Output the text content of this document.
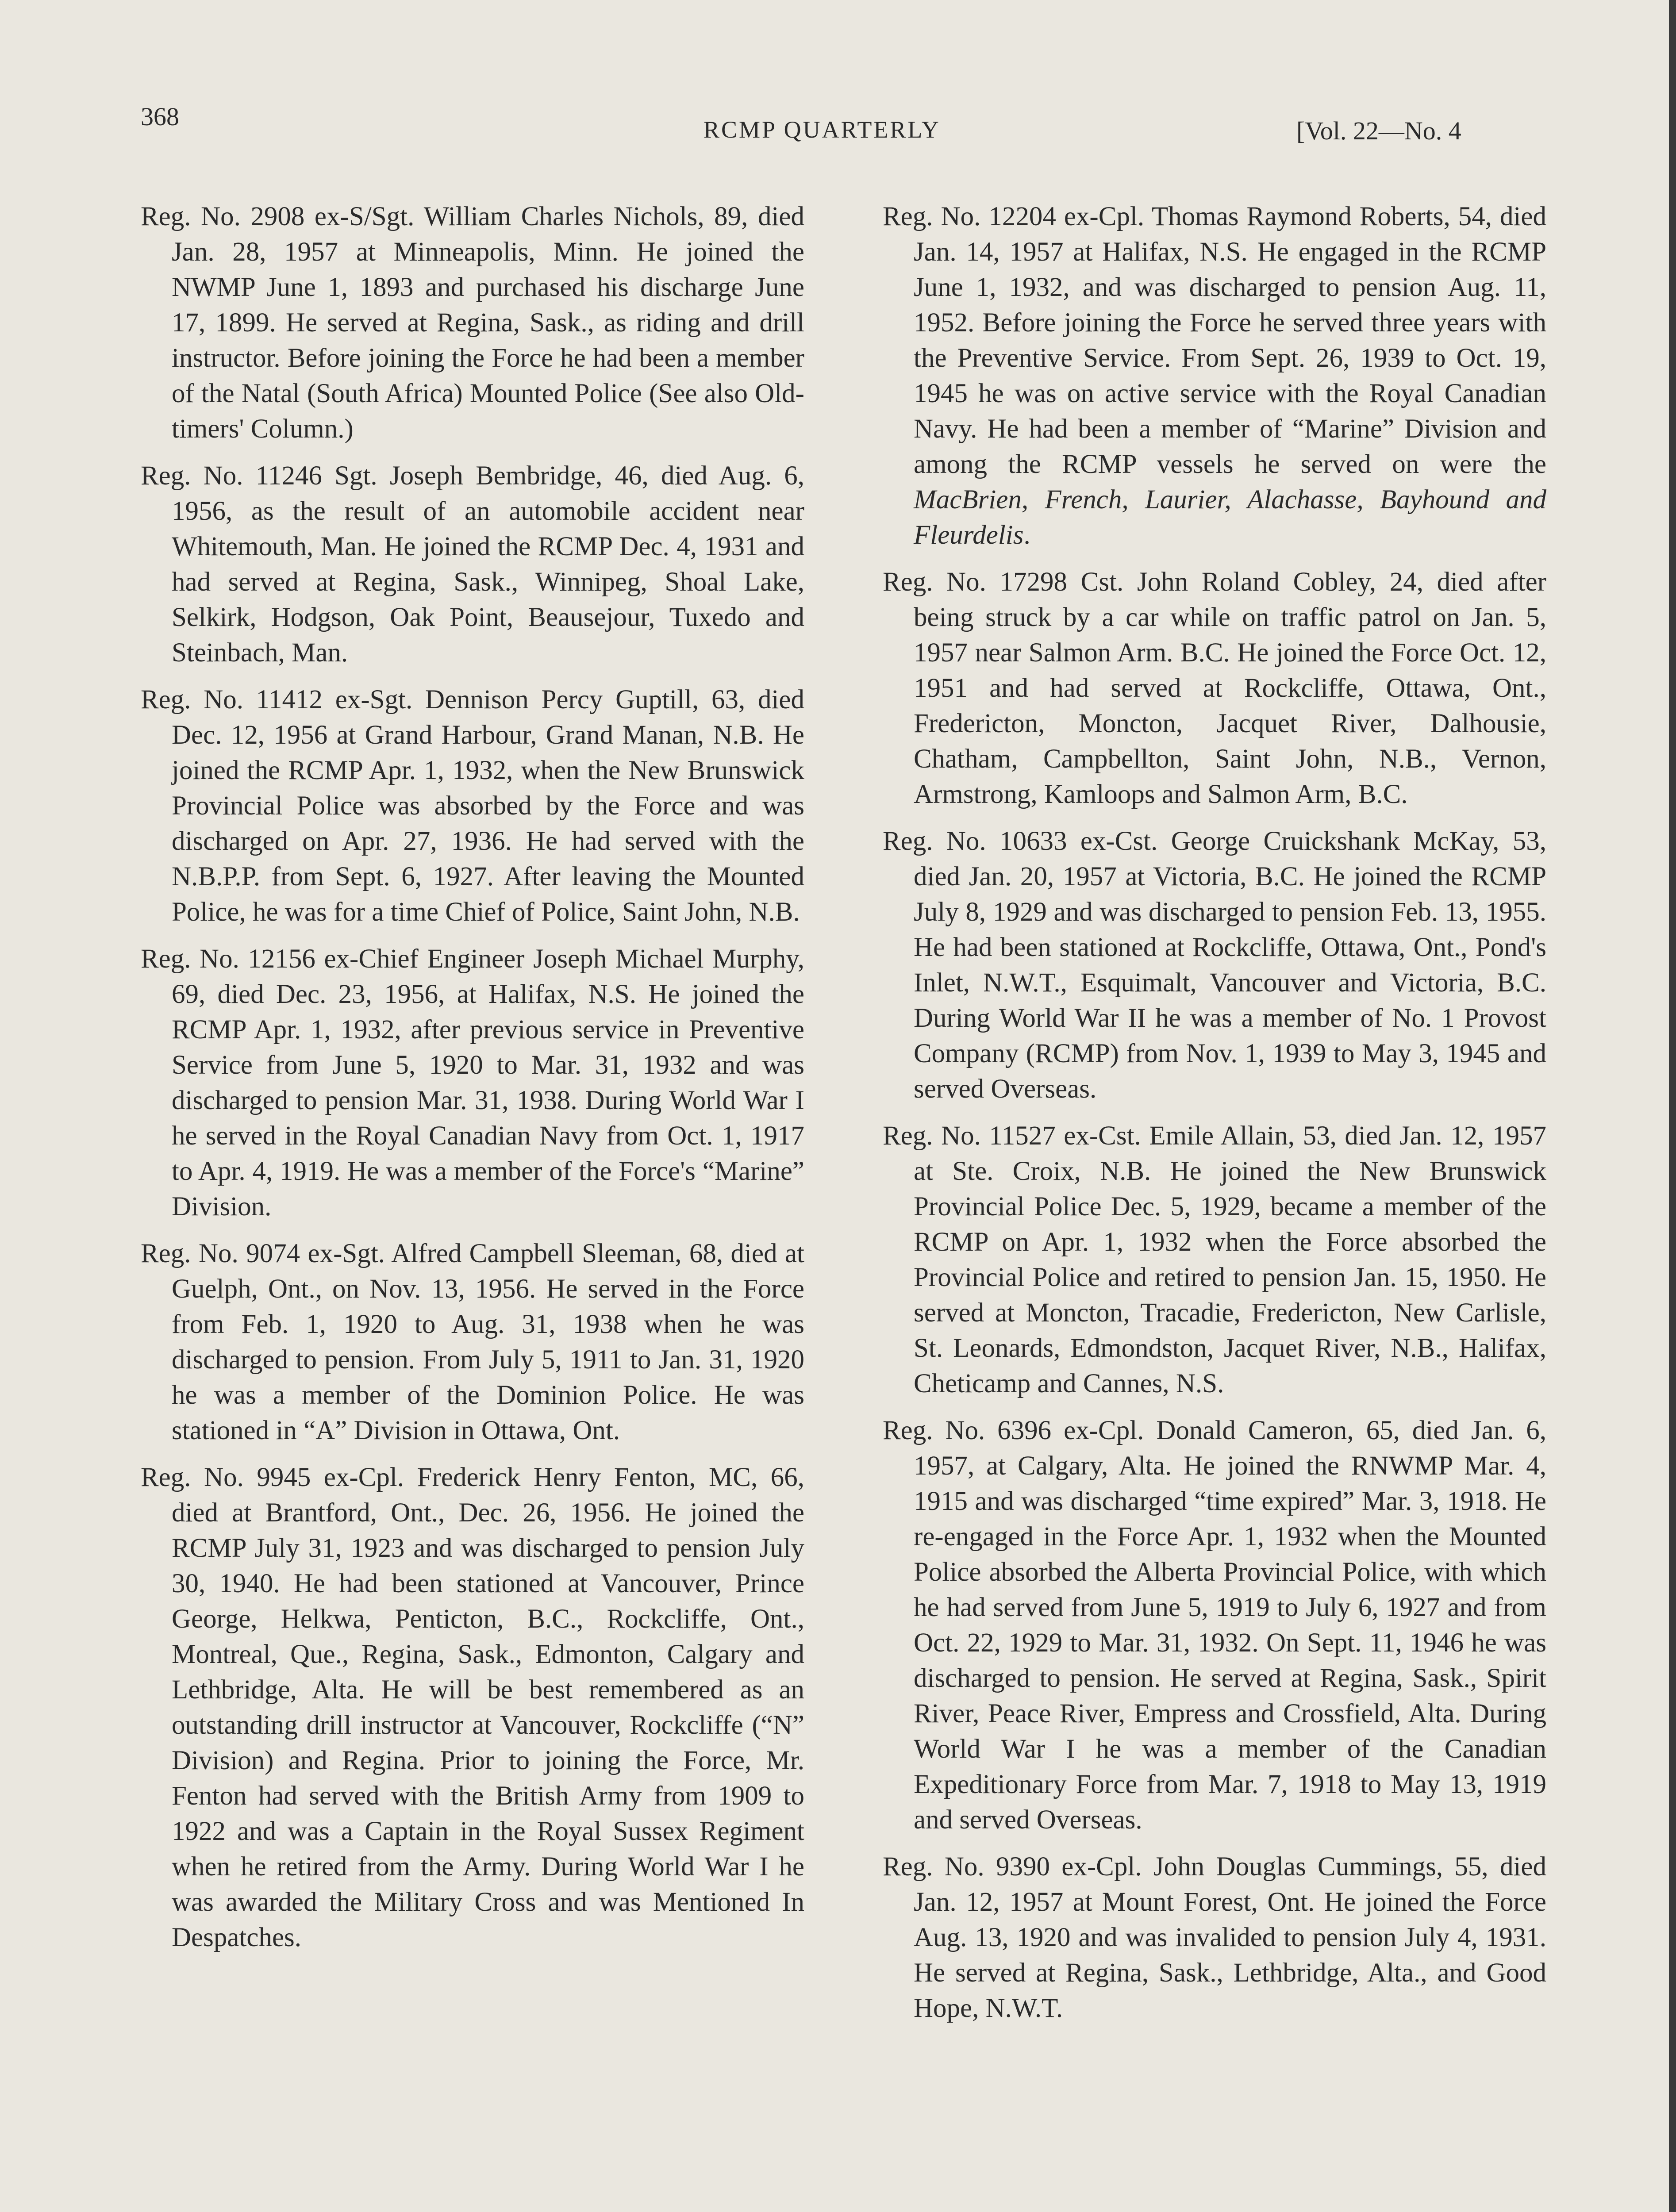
368	RCMP QUARTERLY	[Vol. 22—No. 4

Reg. No. 2908 ex-S/Sgt. William Charles Nichols, 89, died Jan. 28, 1957 at Minneapolis, Minn. He joined the NWMP June 1, 1893 and purchased his discharge June 17, 1899. He served at Regina, Sask., as riding and drill instructor. Before joining the Force he had been a member of the Natal (South Africa) Mounted Police (See also Old-timers' Column.)

Reg. No. 11246 Sgt. Joseph Bembridge, 46, died Aug. 6, 1956, as the result of an automobile accident near Whitemouth, Man. He joined the RCMP Dec. 4, 1931 and had served at Regina, Sask., Winnipeg, Shoal Lake, Selkirk, Hodgson, Oak Point, Beausejour, Tuxedo and Steinbach, Man.

Reg. No. 11412 ex-Sgt. Dennison Percy Guptill, 63, died Dec. 12, 1956 at Grand Harbour, Grand Manan, N.B. He joined the RCMP Apr. 1, 1932, when the New Brunswick Provincial Police was absorbed by the Force and was discharged on Apr. 27, 1936. He had served with the N.B.P.P. from Sept. 6, 1927. After leaving the Mounted Police, he was for a time Chief of Police, Saint John, N.B.

Reg. No. 12156 ex-Chief Engineer Joseph Michael Murphy, 69, died Dec. 23, 1956, at Halifax, N.S. He joined the RCMP Apr. 1, 1932, after previous service in Preventive Service from June 5, 1920 to Mar. 31, 1932 and was discharged to pension Mar. 31, 1938. During World War I he served in the Royal Canadian Navy from Oct. 1, 1917 to Apr. 4, 1919. He was a member of the Force's “Marine” Division.

Reg. No. 9074 ex-Sgt. Alfred Campbell Sleeman, 68, died at Guelph, Ont., on Nov. 13, 1956. He served in the Force from Feb. 1, 1920 to Aug. 31, 1938 when he was discharged to pension. From July 5, 1911 to Jan. 31, 1920 he was a member of the Dominion Police. He was stationed in “A” Division in Ottawa, Ont.

Reg. No. 9945 ex-Cpl. Frederick Henry Fenton, MC, 66, died at Brantford, Ont., Dec. 26, 1956. He joined the RCMP July 31, 1923 and was discharged to pension July 30, 1940. He had been stationed at Vancouver, Prince George, Helkwa, Penticton, B.C., Rockcliffe, Ont., Montreal, Que., Regina, Sask., Edmonton, Calgary and Lethbridge, Alta. He will be best remembered as an outstanding drill instructor at Vancouver, Rockcliffe (“N” Division) and Regina. Prior to joining the Force, Mr. Fenton had served with the British Army from 1909 to 1922 and was a Captain in the Royal Sussex Regiment when he retired from the Army. During World War I he was awarded the Military Cross and was Mentioned In Despatches.

Reg. No. 12204 ex-Cpl. Thomas Raymond Roberts, 54, died Jan. 14, 1957 at Halifax, N.S. He engaged in the RCMP June 1, 1932, and was discharged to pension Aug. 11, 1952. Before joining the Force he served three years with the Preventive Service. From Sept. 26, 1939 to Oct. 19, 1945 he was on active service with the Royal Canadian Navy. He had been a member of “Marine” Division and among the RCMP vessels he served on were the MacBrien, French, Laurier, Alachasse, Bayhound and Fleurdelis.

Reg. No. 17298 Cst. John Roland Cobley, 24, died after being struck by a car while on traffic patrol on Jan. 5, 1957 near Salmon Arm. B.C. He joined the Force Oct. 12, 1951 and had served at Rockcliffe, Ottawa, Ont., Fredericton, Moncton, Jacquet River, Dalhousie, Chatham, Campbellton, Saint John, N.B., Vernon, Armstrong, Kamloops and Salmon Arm, B.C.

Reg. No. 10633 ex-Cst. George Cruickshank McKay, 53, died Jan. 20, 1957 at Victoria, B.C. He joined the RCMP July 8, 1929 and was discharged to pension Feb. 13, 1955. He had been stationed at Rockcliffe, Ottawa, Ont., Pond's Inlet, N.W.T., Esquimalt, Vancouver and Victoria, B.C. During World War II he was a member of No. 1 Provost Company (RCMP) from Nov. 1, 1939 to May 3, 1945 and served Overseas.

Reg. No. 11527 ex-Cst. Emile Allain, 53, died Jan. 12, 1957 at Ste. Croix, N.B. He joined the New Brunswick Provincial Police Dec. 5, 1929, became a member of the RCMP on Apr. 1, 1932 when the Force absorbed the Provincial Police and retired to pension Jan. 15, 1950. He served at Moncton, Tracadie, Fredericton, New Carlisle, St. Leonards, Edmondston, Jacquet River, N.B., Halifax, Cheticamp and Cannes, N.S.

Reg. No. 6396 ex-Cpl. Donald Cameron, 65, died Jan. 6, 1957, at Calgary, Alta. He joined the RNWMP Mar. 4, 1915 and was discharged “time expired” Mar. 3, 1918. He re-engaged in the Force Apr. 1, 1932 when the Mounted Police absorbed the Alberta Provincial Police, with which he had served from June 5, 1919 to July 6, 1927 and from Oct. 22, 1929 to Mar. 31, 1932. On Sept. 11, 1946 he was discharged to pension. He served at Regina, Sask., Spirit River, Peace River, Empress and Crossfield, Alta. During World War I he was a member of the Canadian Expeditionary Force from Mar. 7, 1918 to May 13, 1919 and served Overseas.

Reg. No. 9390 ex-Cpl. John Douglas Cummings, 55, died Jan. 12, 1957 at Mount Forest, Ont. He joined the Force Aug. 13, 1920 and was invalided to pension July 4, 1931. He served at Regina, Sask., Lethbridge, Alta., and Good Hope, N.W.T.
